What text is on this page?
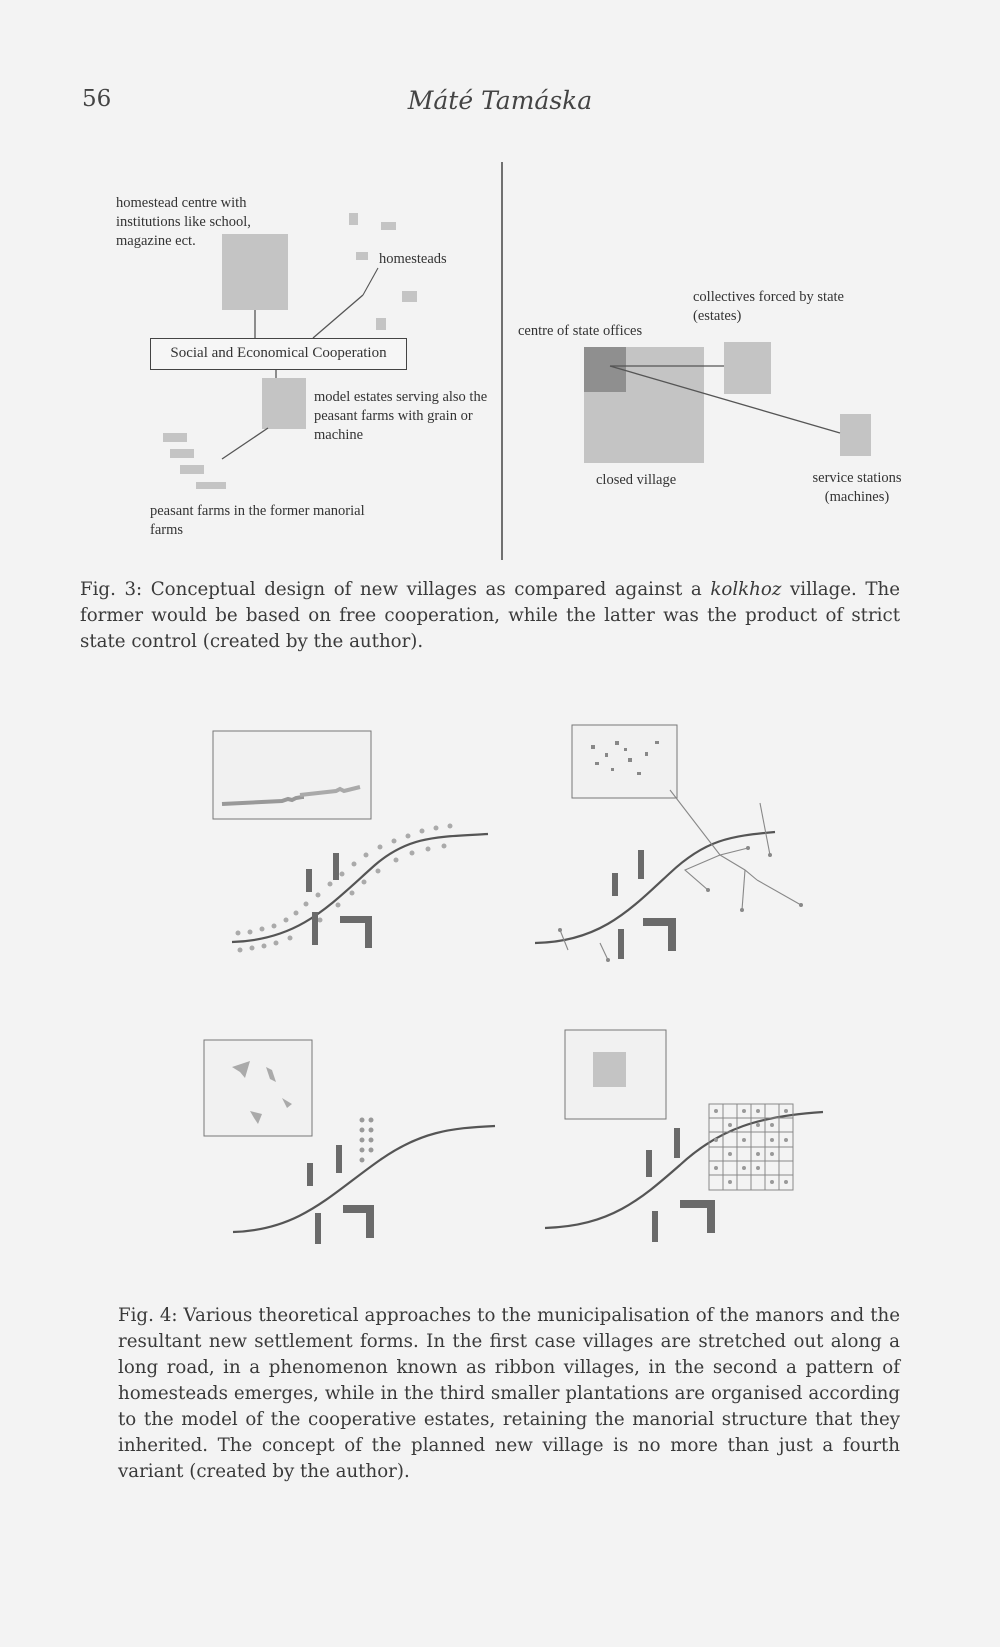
56	Máté Tamáska
homestead centre with institutions like school, magazine ect.
homesteads
Social and Economical Cooperation
model estates serving also the peasant farms with grain or machine
peasant farms in the former manorial farms
centre of state offices
collectives forced by state (estates)
closed village	service stations (machines)
Fig. 3: Conceptual design of new villages as compared against a kolkhoz village. The former would be based on free cooperation, while the latter was the product of strict state control (created by the author).
Fig. 4: Various theoretical approaches to the municipalisation of the manors and the resultant new settlement forms. In the first case villages are stretched out along a long road, in a phenomenon known as ribbon villages, in the second a pattern of homesteads emerges, while in the third smaller plantations are organised according to the model of the cooperative estates, retaining the manorial structure that they inherited. The concept of the planned new village is no more than just a fourth variant (created by the author).
